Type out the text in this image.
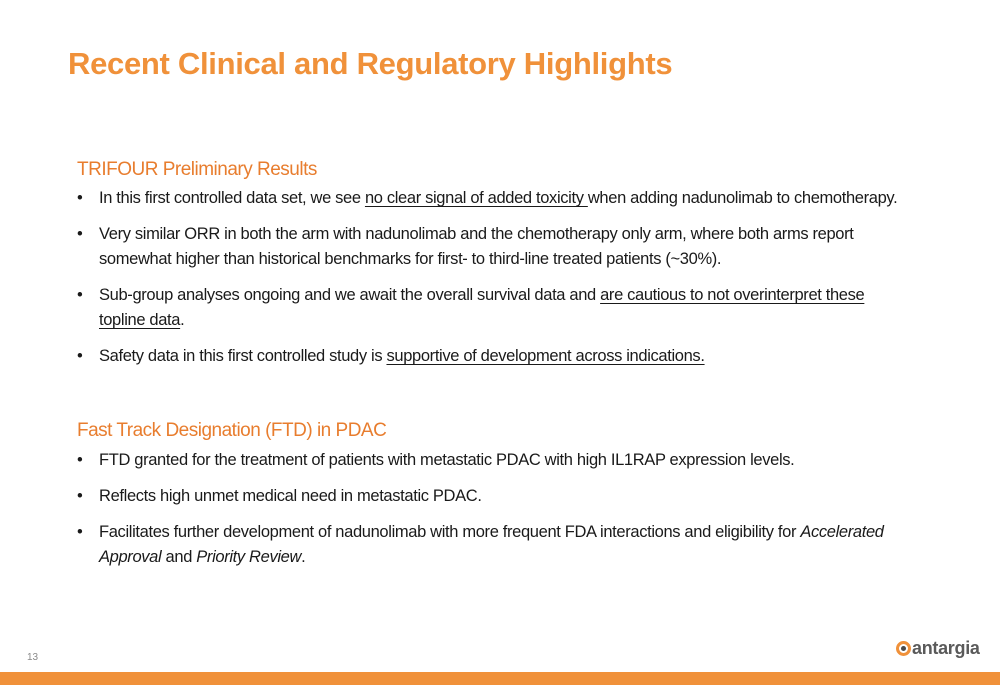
Recent Clinical and Regulatory Highlights
TRIFOUR Preliminary Results
• In this first controlled data set, we see no clear signal of added toxicity when adding nadunolimab to chemotherapy.
• Very similar ORR in both the arm with nadunolimab and the chemotherapy only arm, where both arms report somewhat higher than historical benchmarks for first- to third-line treated patients (~30%).
• Sub-group analyses ongoing and we await the overall survival data and are cautious to not overinterpret these topline data.
• Safety data in this first controlled study is supportive of development across indications.
Fast Track Designation (FTD) in PDAC
• FTD granted for the treatment of patients with metastatic PDAC with high IL1RAP expression levels.
• Reflects high unmet medical need in metastatic PDAC.
• Facilitates further development of nadunolimab with more frequent FDA interactions and eligibility for Accelerated Approval and Priority Review.
13	antargia
